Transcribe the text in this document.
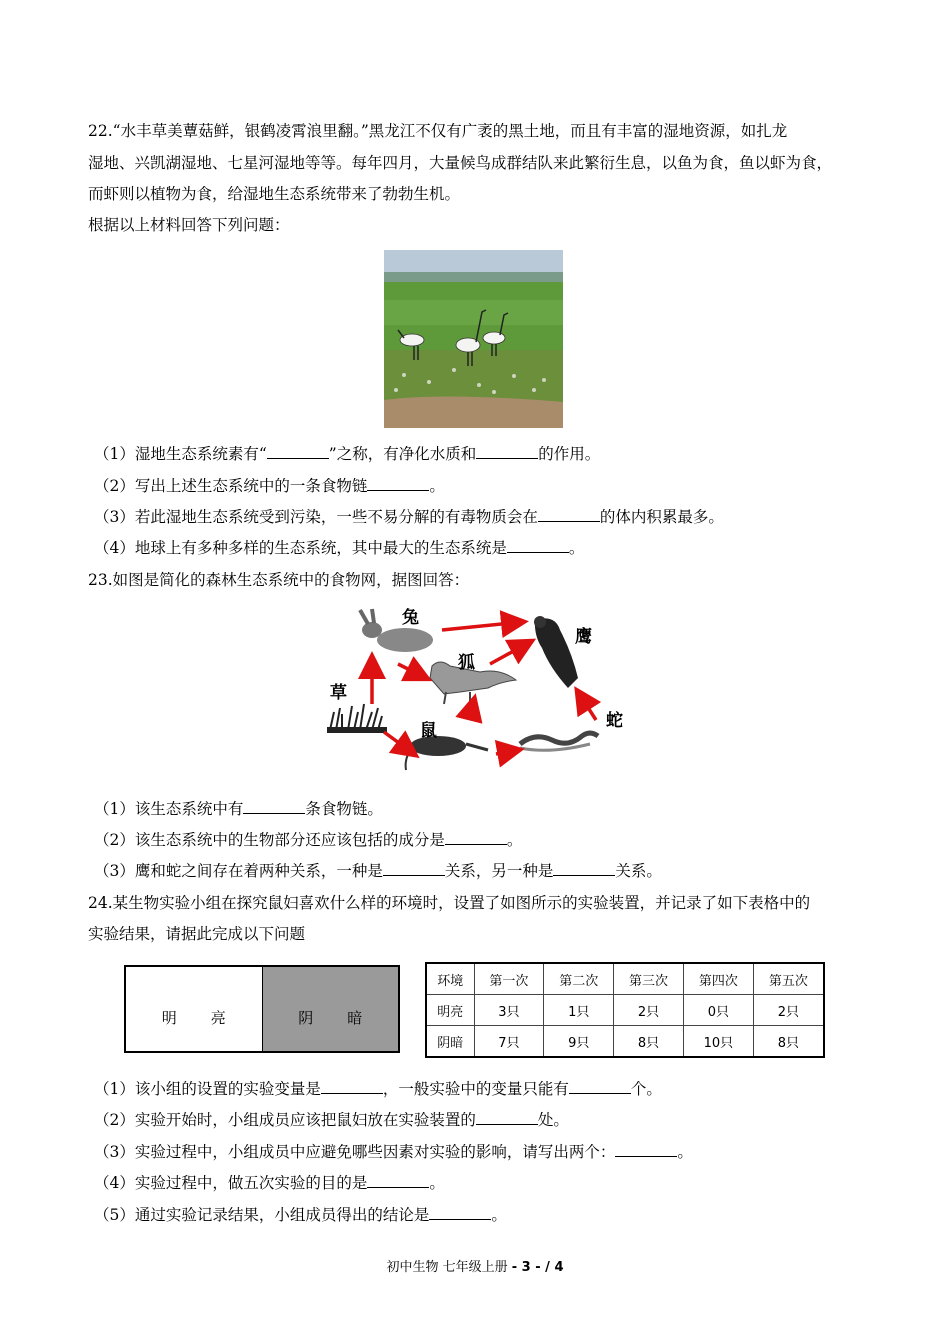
22.“水丰草美蕈菇鲜，银鹤凌霄浪里翻。”黑龙江不仅有广袤的黑土地，而且有丰富的湿地资源，如扎龙
湿地、兴凯湖湿地、七星河湿地等等。每年四月，大量候鸟成群结队来此繁衍生息，以鱼为食，鱼以虾为食，
而虾则以植物为食，给湿地生态系统带来了勃勃生机。
根据以上材料回答下列问题：
（1）湿地生态系统素有“	”之称，有净化水质和	的作用。
（2）写出上述生态系统中的一条食物链	。
（3）若此湿地生态系统受到污染，一些不易分解的有毒物质会在	的体内积累最多。
（4）地球上有多种多样的生态系统，其中最大的生态系统是	。
23.如图是简化的森林生态系统中的食物网，据图回答：
兔
鹰
狐
草
鼠	蛇
（1）该生态系统中有	条食物链。
（2）该生态系统中的生物部分还应该包括的成分是	。
（3）鹰和蛇之间存在着两种关系，一种是	关系，另一种是	关系。
24.某生物实验小组在探究鼠妇喜欢什么样的环境时，设置了如图所示的实验装置，并记录了如下表格中的
实验结果，请据此完成以下问题
明 亮	阴 暗
环境	第一次	第二次	第三次	第四次	第五次
明亮	3只	1只	2只	0只	2只
阴暗	7只	9只	8只	10只	8只
（1）该小组的设置的实验变量是	，一般实验中的变量只能有	个。
（2）实验开始时，小组成员应该把鼠妇放在实验装置的	处。
（3）实验过程中，小组成员中应避免哪些因素对实验的影响，请写出两个：	。
（4）实验过程中，做五次实验的目的是	。
（5）通过实验记录结果，小组成员得出的结论是	。
初中生物 七年级上册 - 3 - / 4
